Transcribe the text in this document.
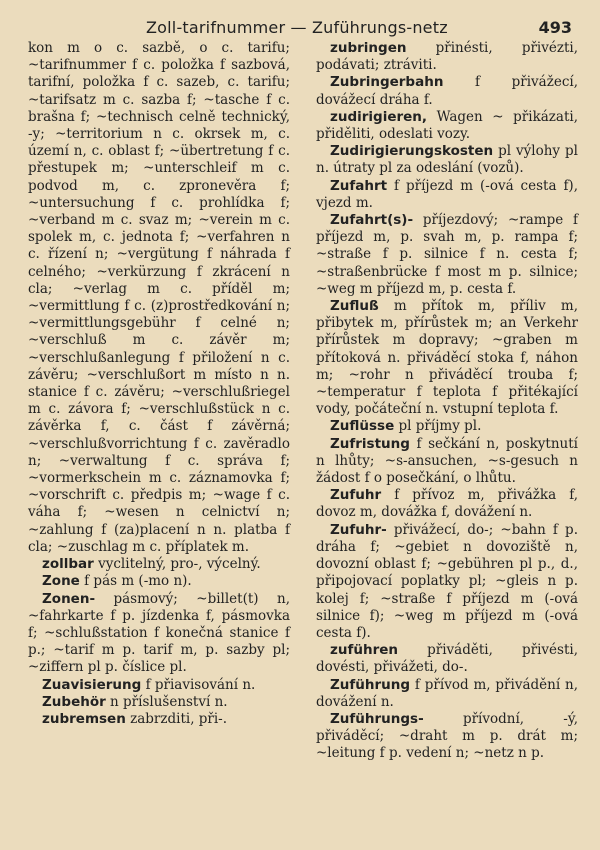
Zoll-tarifnummer — Zuführungs-netz	493

kon m o c. sazbě, o c. tarifu; ~tarifnummer f c. položka f sazbová, tarifní, položka f c. sazeb, c. tarifu; ~tarifsatz m c. sazba f; ~tasche f c. brašna f; ~technisch celně technický, -y; ~territorium n c. okrsek m, c. území n, c. oblast f; ~übertretung f c. přestupek m; ~unterschleif m c. podvod m, c. zpronevěra f; ~untersuchung f c. prohlídka f; ~verband m c. svaz m; ~verein m c. spolek m, c. jednota f; ~verfahren n c. řízení n; ~vergütung f náhrada f celného; ~verkürzung f zkrácení n cla; ~verlag m c. příděl m; ~vermittlung f c. (z)prostředkování n; ~vermittlungsgebühr f celné n; ~verschluß m c. závěr m; ~verschlußanlegung f přiložení n c. závěru; ~verschlußort m místo n n. stanice f c. závěru; ~verschlußriegel m c. závora f; ~verschlußstück n c. závěrka f, c. část f závěrná; ~verschlußvorrichtung f c. zavěradlo n; ~verwaltung f c. správa f; ~vormerkschein m c. záznamovka f; ~vorschrift c. předpis m; ~wage f c. váha f; ~wesen n celnictví n; ~zahlung f (za)placení n n. platba f cla; ~zuschlag m c. příplatek m.

zollbar vyclitelný, pro-, výcelný.

Zone f pás m (-mo n).

Zonen- pásmový; ~billet(t) n, ~fahrkarte f p. jízdenka f, pásmovka f; ~schlußstation f konečná stanice f p.; ~tarif m p. tarif m, p. sazby pl; ~ziffern pl p. číslice pl.

Zuavisierung f přiavisování n.

Zubehör n příslušenství n.

zubremsen zabrzditi, při-.

zubringen přinésti, přivézti, podávati; ztráviti.

Zubringerbahn f přivážecí, dovážecí dráha f.

zudirigieren, Wagen ~ přikázati, přiděliti, odeslati vozy.

Zudirigierungskosten pl výlohy pl n. útraty pl za odeslání (vozů).

Zufahrt f příjezd m (-ová cesta f), vjezd m.

Zufahrt(s)- příjezdový; ~rampe f příjezd m, p. svah m, p. rampa f; ~straße f p. silnice f n. cesta f; ~straßenbrücke f most m p. silnice; ~weg m příjezd m, p. cesta f.

Zufluß m přítok m, příliv m, přibytek m, přírůstek m; an Verkehr přírůstek m dopravy; ~graben m přítoková n. přiváděcí stoka f, náhon m; ~rohr n přiváděcí trouba f; ~temperatur f teplota f přitékající vody, počáteční n. vstupní teplota f.

Zuflüsse pl příjmy pl.

Zufristung f sečkání n, poskytnutí n lhůty; ~s-ansuchen, ~s-gesuch n žádost f o posečkání, o lhůtu.

Zufuhr f přívoz m, přivážka f, dovoz m, dovážka f, dovážení n.

Zufuhr- přivážecí, do-; ~bahn f p. dráha f; ~gebiet n dovoziště n, dovozní oblast f; ~gebühren pl p., d., připojovací poplatky pl; ~gleis n p. kolej f; ~straße f příjezd m (-ová silnice f); ~weg m příjezd m (-ová cesta f).

zuführen přiváděti, přivésti, dovésti, přivážeti, do-.

Zuführung f přívod m, přivádění n, dovážení n.

Zuführungs- přívodní, -ý, přiváděcí; ~draht m p. drát m; ~leitung f p. vedení n; ~netz n p.
